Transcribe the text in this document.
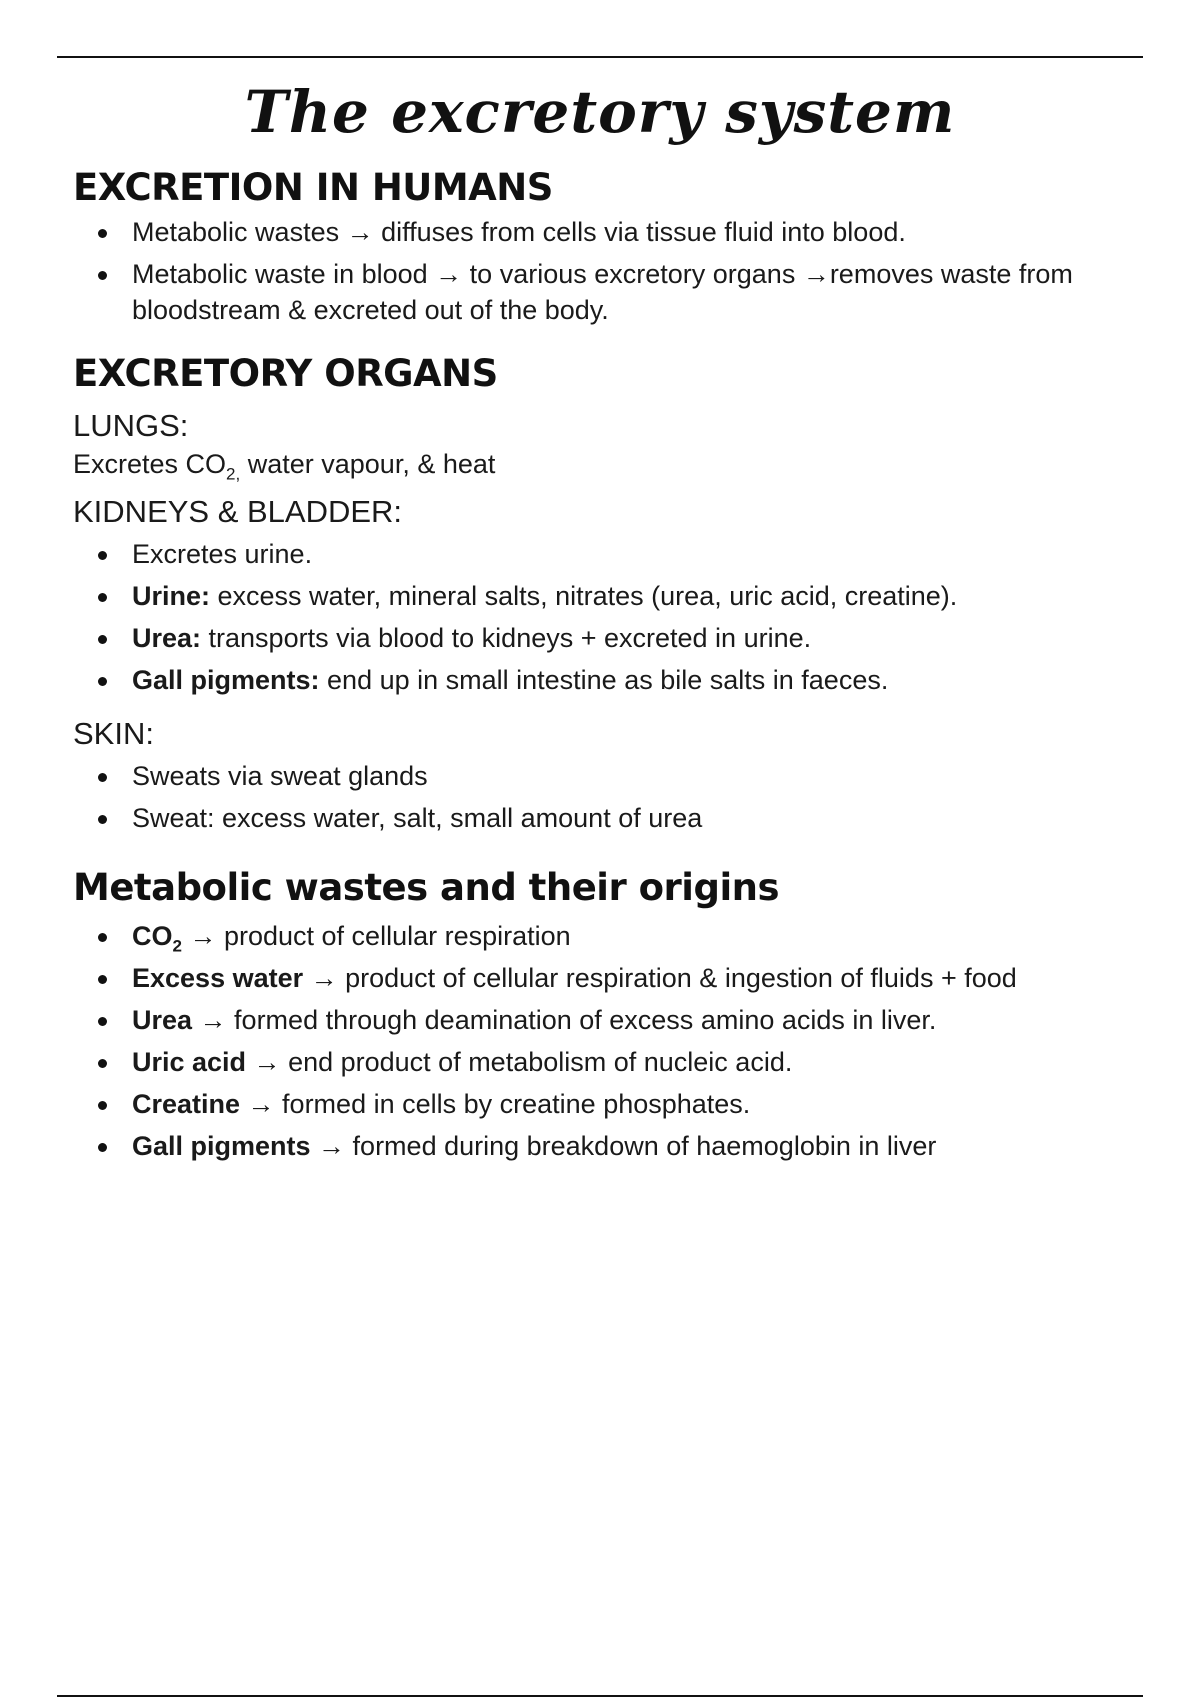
The excretory system
EXCRETION IN HUMANS
Metabolic wastes → diffuses from cells via tissue fluid into blood.
Metabolic waste in blood → to various excretory organs →removes waste from bloodstream & excreted out of the body.
EXCRETORY ORGANS
LUNGS:

Excretes $CO_{2,}$ water vapour, & heat

KIDNEYS & BLADDER:
Excretes urine.
Urine: excess water, mineral salts, nitrates (urea, uric acid, creatine).
Urea: transports via blood to kidneys + excreted in urine.
Gall pigments: end up in small intestine as bile salts in faeces.
SKIN:
Sweats via sweat glands
Sweat: excess water, salt, small amount of urea
Metabolic wastes and their origins
$CO_2$ → product of cellular respiration
Excess water → product of cellular respiration & ingestion of fluids + food
Urea → formed through deamination of excess amino acids in liver.
Uric acid → end product of metabolism of nucleic acid.
Creatine → formed in cells by creatine phosphates.
Gall pigments → formed during breakdown of haemoglobin in liver
